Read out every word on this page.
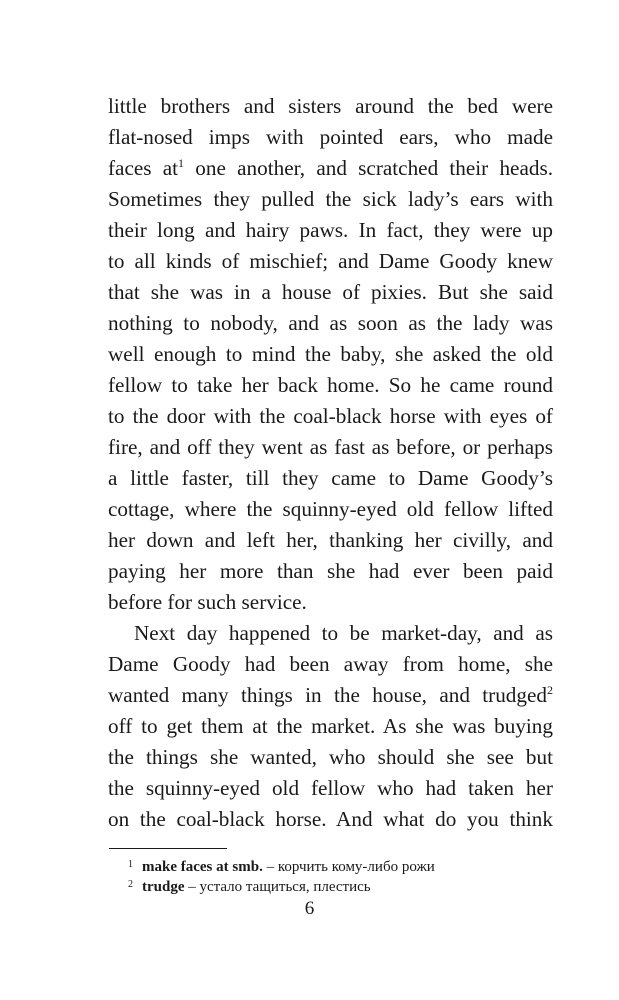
little brothers and sisters around the bed were
flat-nosed imps with pointed ears, who made
faces $at^1$ one another, and scratched their heads.
Sometimes they pulled the sick lady’s ears with
their long and hairy paws. In fact, they were up
to all kinds of mischief; and Dame Goody knew
that she was in a house of pixies. But she said
nothing to nobody, and as soon as the lady was
well enough to mind the baby, she asked the old
fellow to take her back home. So he came round
to the door with the coal-black horse with eyes of
fire, and off they went as fast as before, or perhaps
a little faster, till they came to Dame Goody’s
cottage, where the squinny-eyed old fellow lifted
her down and left her, thanking her civilly, and
paying her more than she had ever been paid
before for such service.
Next day happened to be market-day, and as
Dame Goody had been away from home, she
wanted many things in the house, and trudged$^2$
off to get them at the market. As she was buying
the things she wanted, who should she see but
the squinny-eyed old fellow who had taken her
on the coal-black horse. And what do you think
1 make faces at smb. – корчить кому-либо рожи
2 trudge – устало тащиться, плестись
6
